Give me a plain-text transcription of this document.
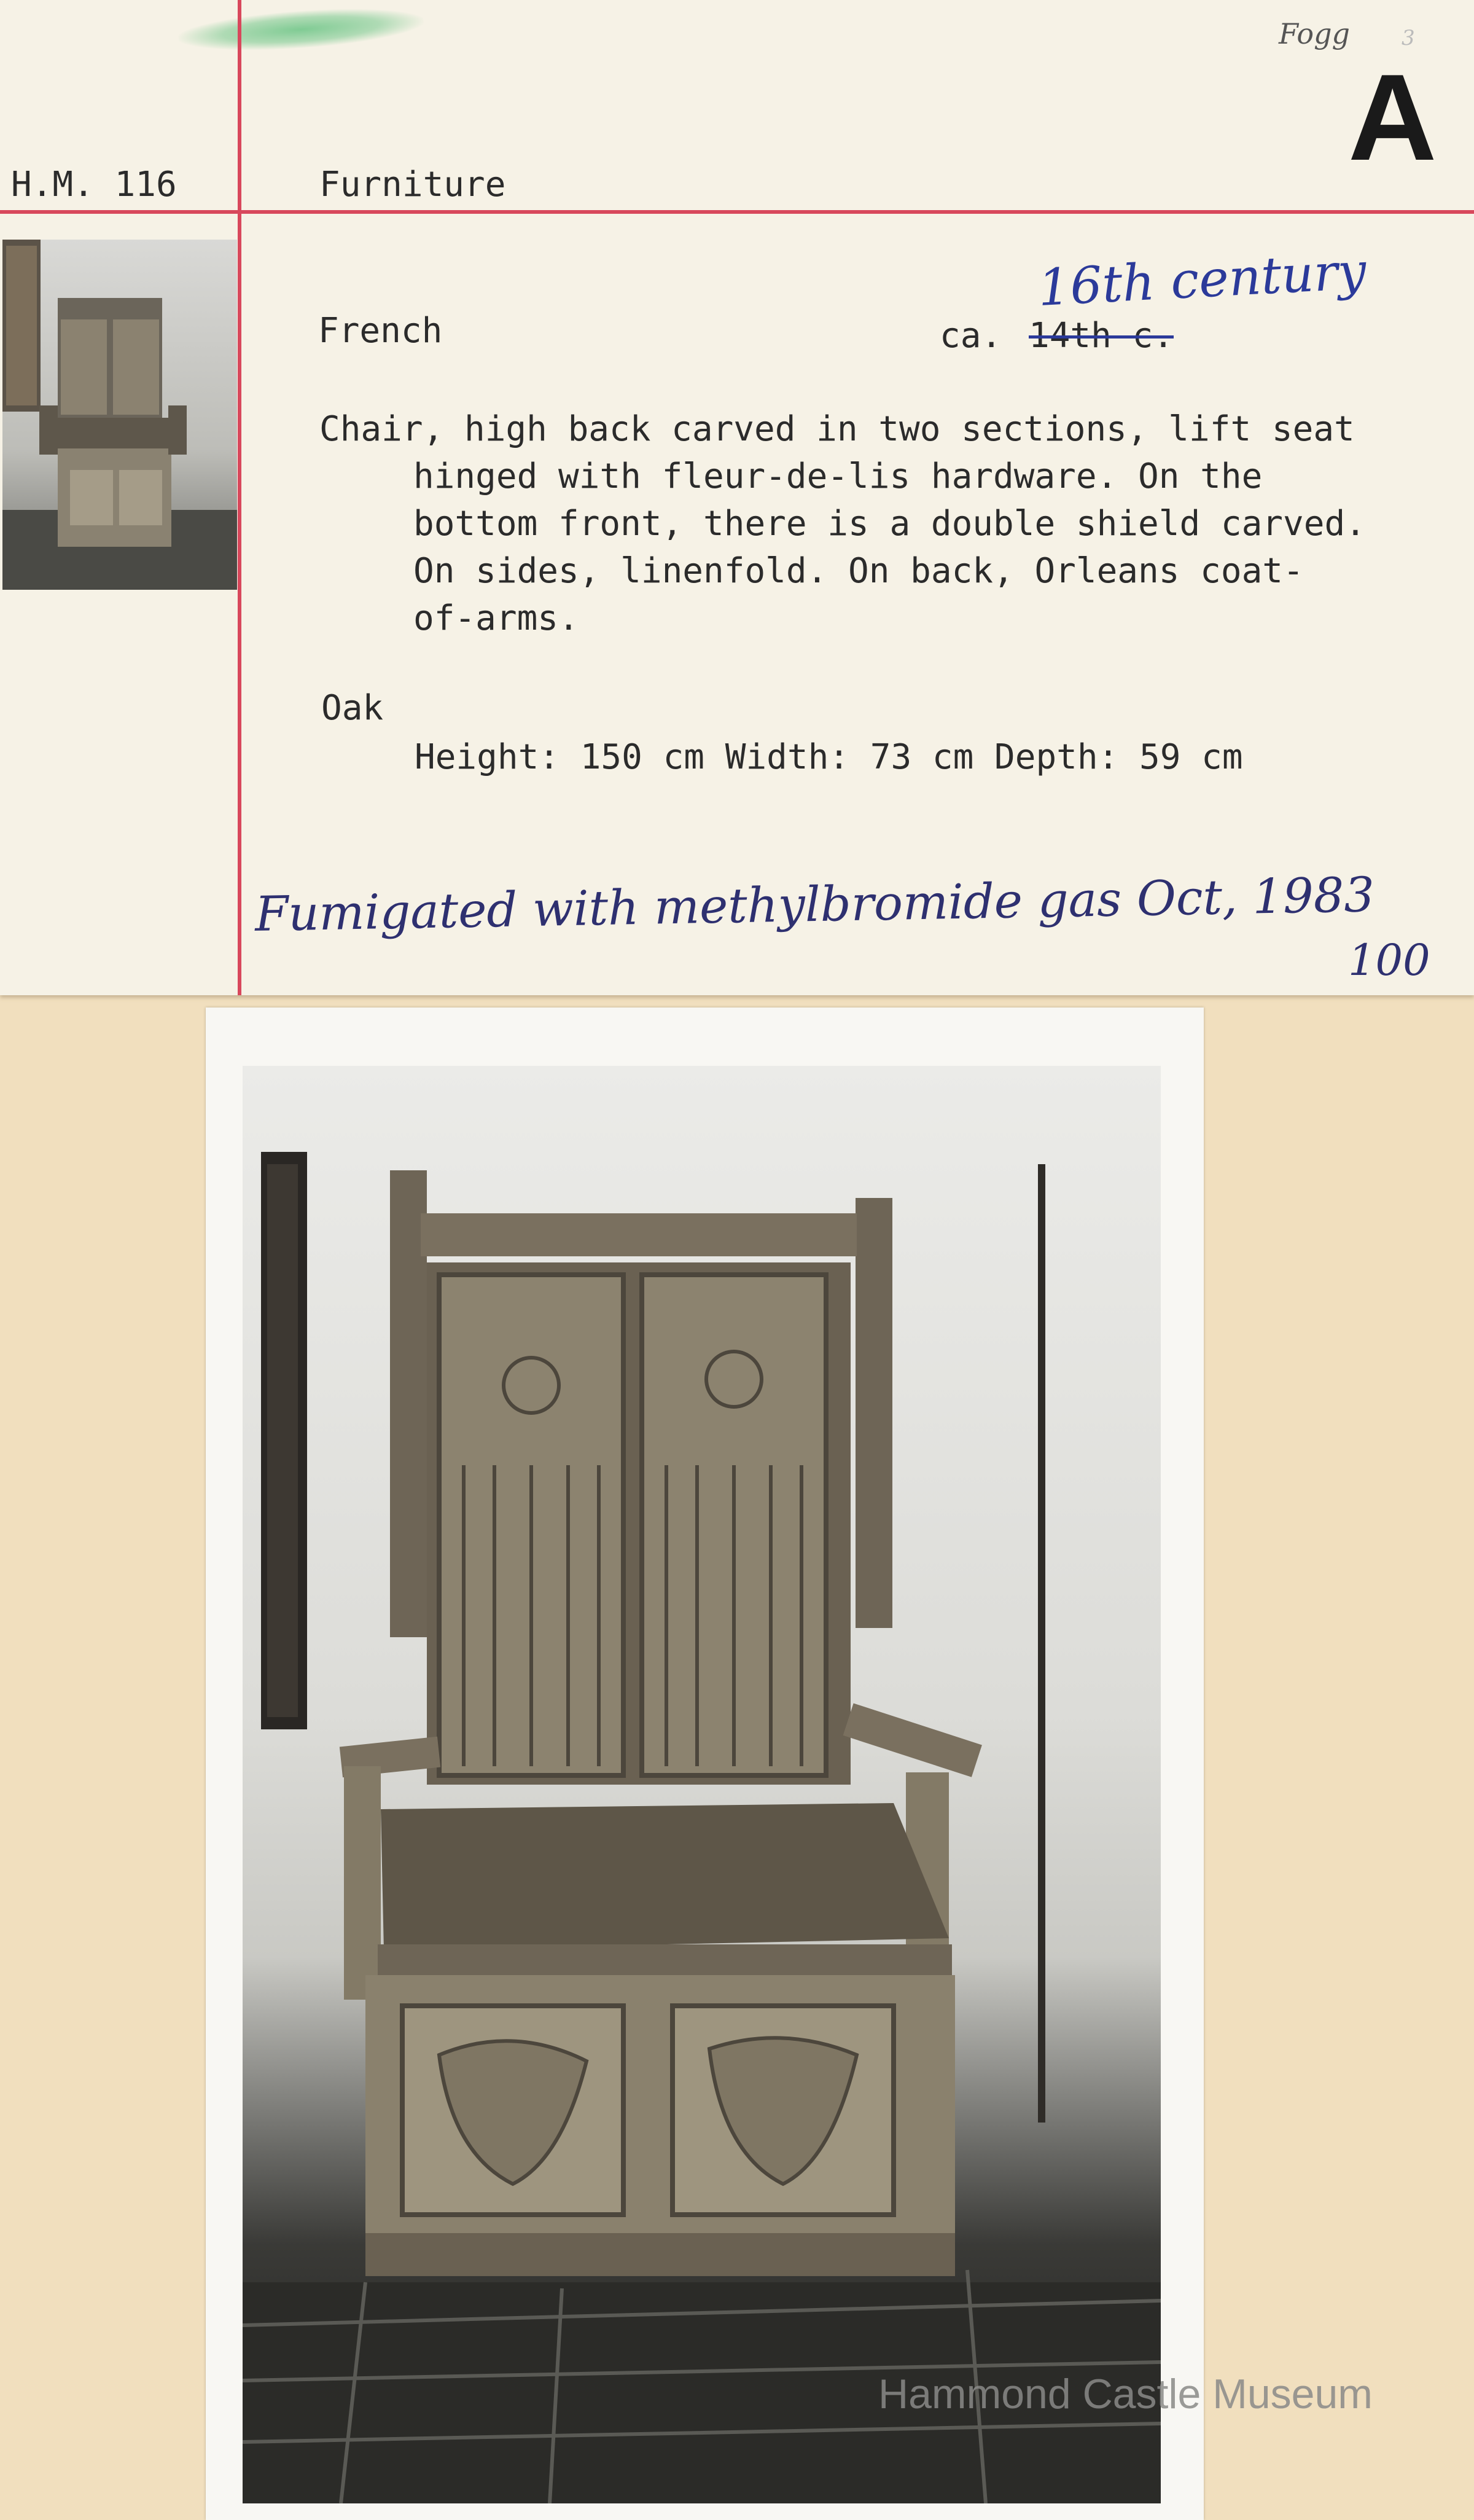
H.M. 116	Furniture
Fogg 3
A
French	ca. 14th c.
16th century
Chair, high back carved in two sections, lift seat
hinged with fleur-de-lis hardware. On the
bottom front, there is a double shield carved.
On sides, linenfold. On back, Orleans coat-
of-arms.
Oak
Height: 150 cm Width: 73 cm Depth: 59 cm
Fumigated with methylbromide gas Oct, 1983
100
Hammond Castle Museum
